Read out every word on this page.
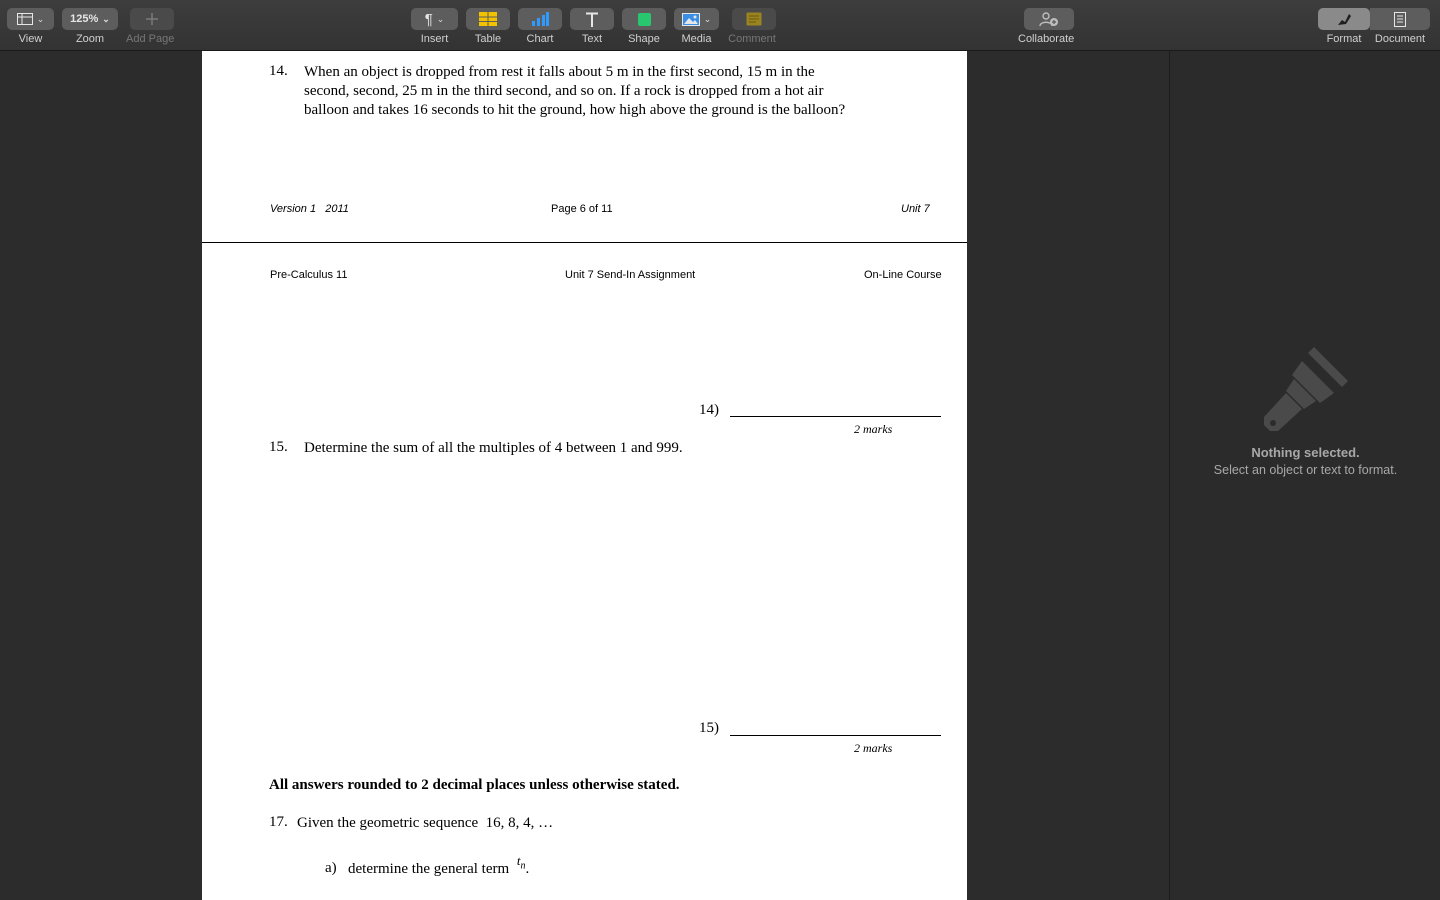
⌄
View
125% ⌄
Zoom Add Page
¶ ⌄
Insert Table Chart	Text Shape
⌄
Media Comment	Collaborate	Format Document
14. When an object is dropped from rest it falls about 5 m in the first second, 15 m in the
second, second, 25 m in the third second, and so on. If a rock is dropped from a hot air
balloon and takes 16 seconds to hit the ground, how high above the ground is the balloon?
Version 1   2011	Page 6 of 11	Unit 7
Pre-Calculus 11	Unit 7 Send-In Assignment	On-Line Course
14)
2 marks
15. Determine the sum of all the multiples of 4 between 1 and 999.
15)
2 marks
All answers rounded to 2 decimal places unless otherwise stated.
17. Given the geometric sequence  16, 8, 4, …
a) determine the general term $t_n$.
Nothing selected.
Select an object or text to format.
